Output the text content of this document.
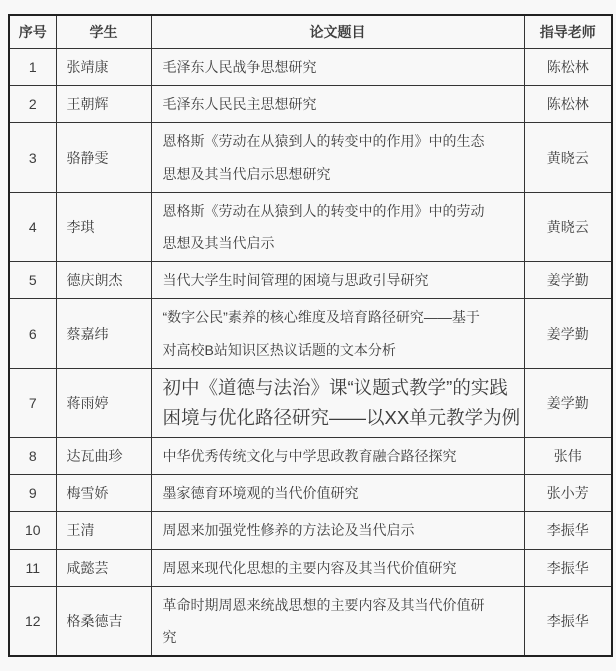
序号	学生	论文题目	指导老师
1	张靖康	毛泽东人民战争思想研究	陈松林
2	王朝辉	毛泽东人民民主思想研究	陈松林
3	骆静雯	恩格斯《劳动在从猿到人的转变中的作用》中的生态思想及其当代启示思想研究	黄晓云
4	李琪	恩格斯《劳动在从猿到人的转变中的作用》中的劳动思想及其当代启示	黄晓云
5	德庆朗杰	当代大学生时间管理的困境与思政引导研究	姜学勤
6	蔡嘉纬	“数字公民”素养的核心维度及培育路径研究——基于对高校B站知识区热议话题的文本分析	姜学勤
7	蒋雨婷	初中《道德与法治》课“议题式教学”的实践困境与优化路径研究——以XX单元教学为例	姜学勤
8	达瓦曲珍	中华优秀传统文化与中学思政教育融合路径探究	张伟
9	梅雪娇	墨家德育环境观的当代价值研究	张小芳
10	王清	周恩来加强党性修养的方法论及当代启示	李振华
11	咸懿芸	周恩来现代化思想的主要内容及其当代价值研究	李振华
12	格桑德吉	革命时期周恩来统战思想的主要内容及其当代价值研究	李振华
